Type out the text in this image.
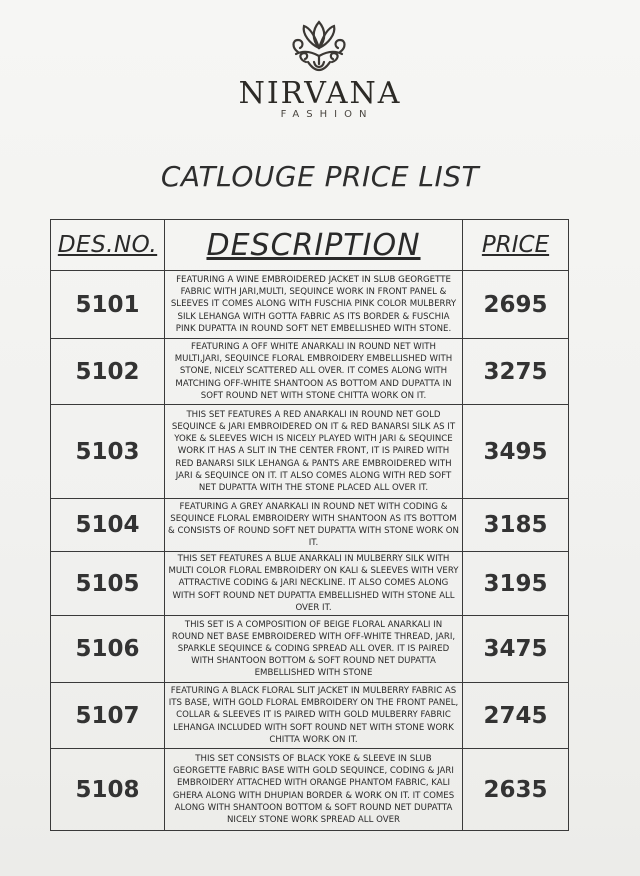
NIRVANA
FASHION
CATLOUGE PRICE LIST
DES.NO.	DESCRIPTION	PRICE
5101	FEATURING A WINE EMBROIDERED JACKET IN SLUB GEORGETTE FABRIC WITH JARI,MULTI, SEQUINCE WORK IN FRONT PANEL & SLEEVES IT COMES ALONG WITH FUSCHIA PINK COLOR MULBERRY SILK LEHANGA WITH GOTTA FABRIC AS ITS BORDER & FUSCHIA PINK DUPATTA IN ROUND SOFT NET EMBELLISHED WITH STONE.	2695
5102	FEATURING A OFF WHITE ANARKALI IN ROUND NET WITH MULTI,JARI, SEQUINCE FLORAL EMBROIDERY EMBELLISHED WITH STONE, NICELY SCATTERED ALL OVER. IT COMES ALONG WITH MATCHING OFF-WHITE SHANTOON AS BOTTOM AND DUPATTA IN SOFT ROUND NET WITH STONE CHITTA WORK ON IT.	3275
5103	THIS SET FEATURES A RED ANARKALI IN ROUND NET GOLD SEQUINCE & JARI EMBROIDERED ON IT & RED BANARSI SILK AS IT YOKE & SLEEVES WICH IS NICELY PLAYED WITH JARI & SEQUINCE WORK IT HAS A SLIT IN THE CENTER FRONT, IT IS PAIRED WITH RED BANARSI SILK LEHANGA & PANTS ARE EMBROIDERED WITH JARI & SEQUINCE ON IT. IT ALSO COMES ALONG WITH RED SOFT NET DUPATTA WITH THE STONE PLACED ALL OVER IT.	3495
5104	FEATURING A GREY ANARKALI IN ROUND NET WITH CODING & SEQUINCE FLORAL EMBROIDERY WITH SHANTOON AS ITS BOTTOM & CONSISTS OF ROUND SOFT NET DUPATTA WITH STONE WORK ON IT.	3185
5105	THIS SET FEATURES A BLUE ANARKALI IN MULBERRY SILK WITH MULTI COLOR FLORAL EMBROIDERY ON KALI & SLEEVES WITH VERY ATTRACTIVE CODING & JARI NECKLINE. IT ALSO COMES ALONG WITH SOFT ROUND NET DUPATTA EMBELLISHED WITH STONE ALL OVER IT.	3195
5106	THIS SET IS A COMPOSITION OF BEIGE FLORAL ANARKALI IN ROUND NET BASE EMBROIDERED WITH OFF-WHITE THREAD, JARI, SPARKLE SEQUINCE & CODING SPREAD ALL OVER. IT IS PAIRED WITH SHANTOON BOTTOM & SOFT ROUND NET DUPATTA EMBELLISHED WITH STONE	3475
5107	FEATURING A BLACK FLORAL SLIT JACKET IN MULBERRY FABRIC AS ITS BASE, WITH GOLD FLORAL EMBROIDERY ON THE FRONT PANEL, COLLAR & SLEEVES IT IS PAIRED WITH GOLD MULBERRY FABRIC LEHANGA INCLUDED WITH SOFT ROUND NET WITH STONE WORK CHITTA WORK ON IT.	2745
5108	THIS SET CONSISTS OF BLACK YOKE & SLEEVE IN SLUB GEORGETTE FABRIC BASE WITH GOLD SEQUINCE, CODING & JARI EMBROIDERY ATTACHED WITH ORANGE PHANTOM FABRIC, KALI GHERA ALONG WITH DHUPIAN BORDER & WORK ON IT. IT COMES ALONG WITH SHANTOON BOTTOM & SOFT ROUND NET DUPATTA NICELY STONE WORK SPREAD ALL OVER	2635
